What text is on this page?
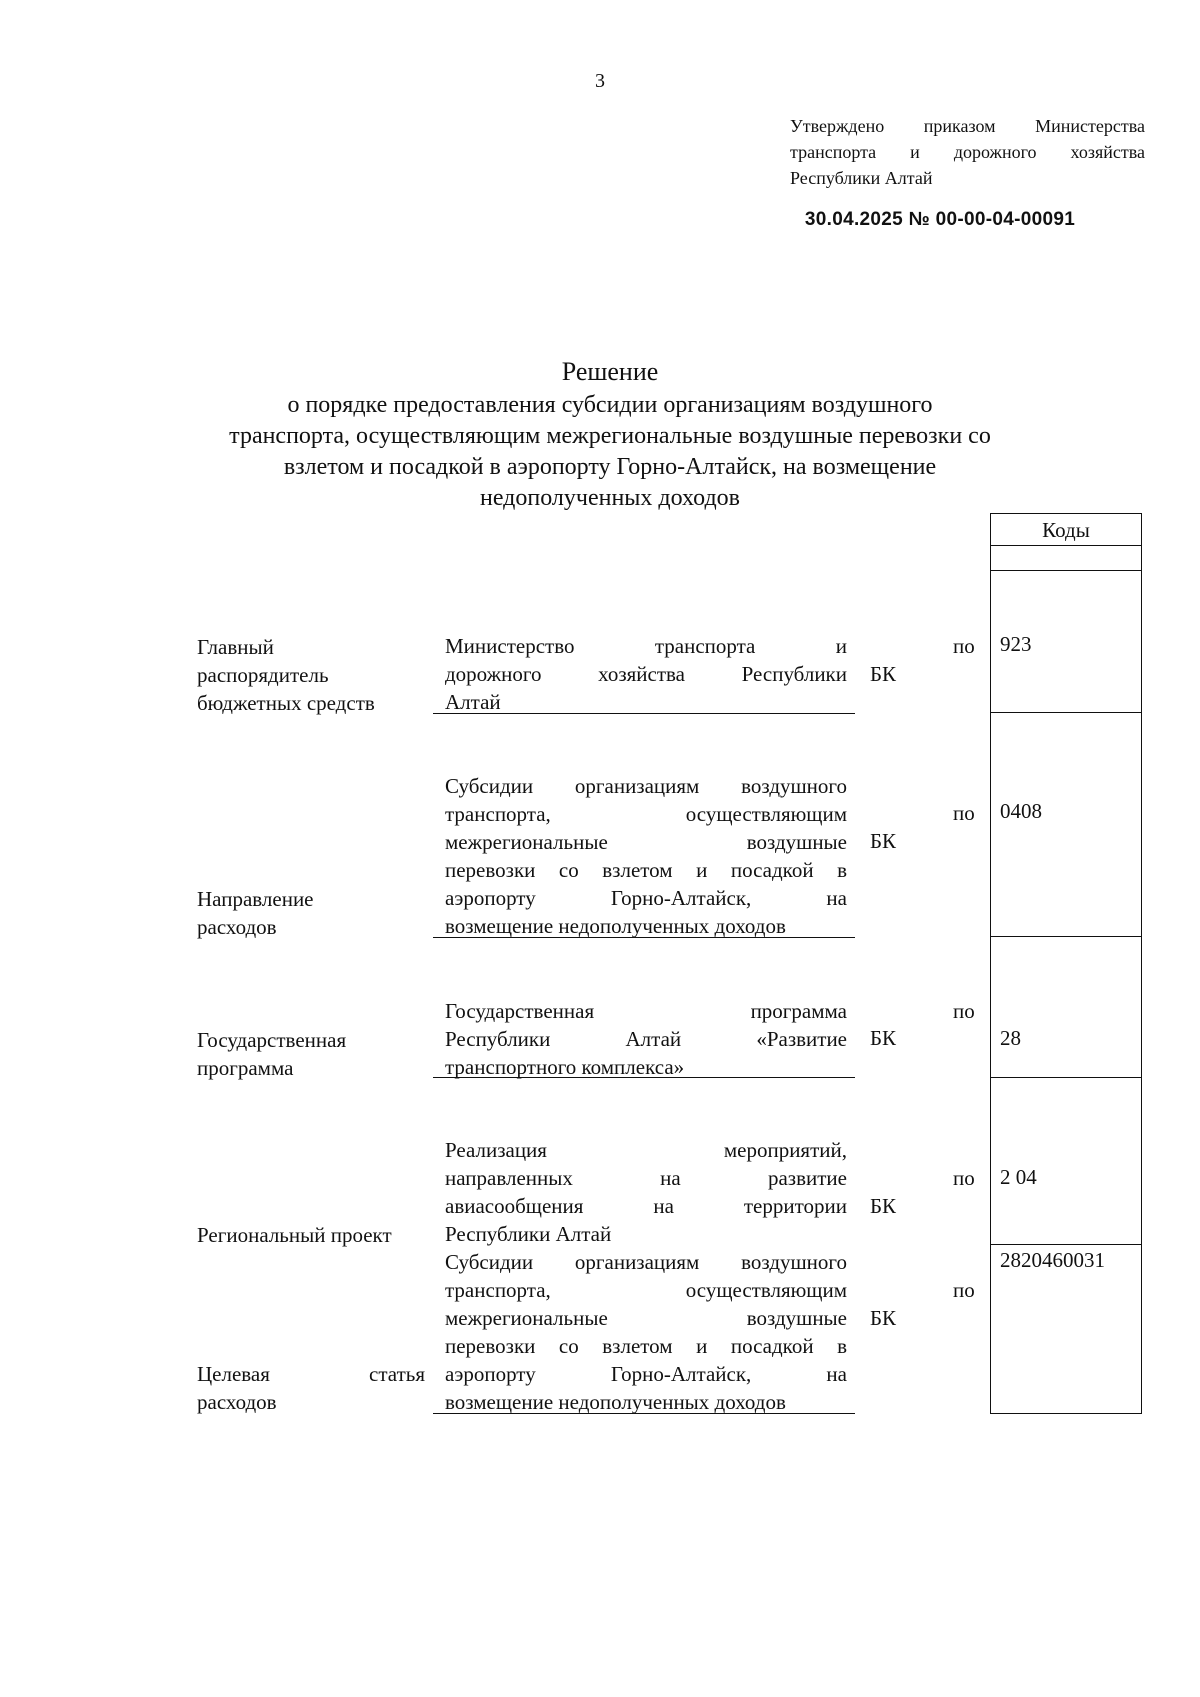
3
Утверждено приказом Министерства транспорта и дорожного хозяйства Республики Алтай
30.04.2025 № 00-00-04-00091
Решение
о порядке предоставления субсидии организациям воздушного
транспорта, осуществляющим межрегиональные воздушные перевозки со
взлетом и посадкой в аэропорту Горно-Алтайск, на возмещение
недополученных доходов
Коды
Главный
распорядитель
бюджетных средств
Министерство транспорта и
дорожного хозяйства Республики
Алтай
БК
по 923
Направление
расходов
Субсидии организациям воздушного
транспорта, осуществляющим
межрегиональные воздушные
перевозки со взлетом и посадкой в
аэропорту Горно-Алтайск, на
возмещение недополученных доходов
БК
по 0408
Государственная
программа
Государственная программа
Республики Алтай «Развитие
транспортного комплекса»
БК
по
28
Региональный проект
Реализация мероприятий,
направленных на развитие
авиасообщения на территории
Республики Алтай
БК
по 2 04
Целевая	статья
расходов
Субсидии организациям воздушного
транспорта, осуществляющим
межрегиональные воздушные
перевозки со взлетом и посадкой в
аэропорту Горно-Алтайск, на
возмещение недополученных доходов
БК
по
2820460031
